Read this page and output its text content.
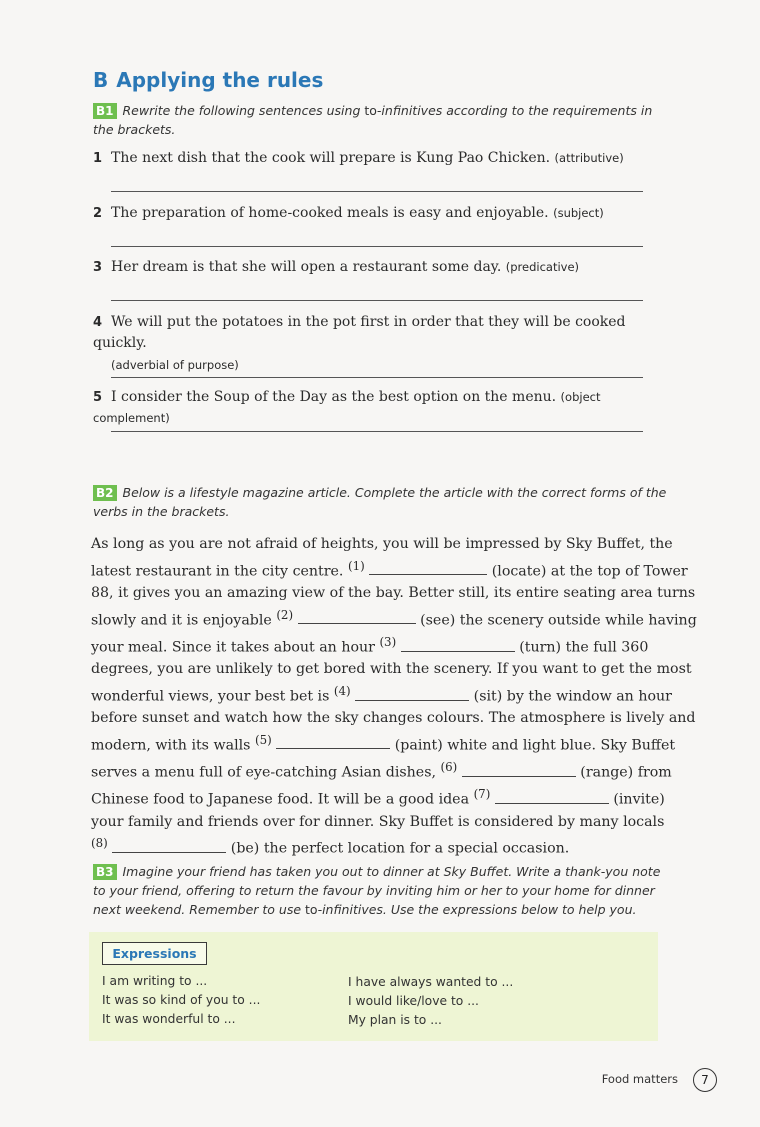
B Applying the rules
B1 Rewrite the following sentences using to-infinitives according to the requirements in the brackets.
1 The next dish that the cook will prepare is Kung Pao Chicken. (attributive)
2 The preparation of home-cooked meals is easy and enjoyable. (subject)
3 Her dream is that she will open a restaurant some day. (predicative)
4 We will put the potatoes in the pot first in order that they will be cooked quickly.
(adverbial of purpose)
5 I consider the Soup of the Day as the best option on the menu. (object complement)
B2 Below is a lifestyle magazine article. Complete the article with the correct forms of the verbs in the brackets.
As long as you are not afraid of heights, you will be impressed by Sky Buffet, the
latest restaurant in the city centre. $^{(1)}$	(locate) at the top of Tower
88, it gives you an amazing view of the bay. Better still, its entire seating area turns
slowly and it is enjoyable $^{(2)}$	(see) the scenery outside while having
your meal. Since it takes about an hour $^{(3)}$	(turn) the full 360
degrees, you are unlikely to get bored with the scenery. If you want to get the most
wonderful views, your best bet is $^{(4)}$	(sit) by the window an hour
before sunset and watch how the sky changes colours. The atmosphere is lively and
modern, with its walls $^{(5)}$	(paint) white and light blue. Sky Buffet
serves a menu full of eye-catching Asian dishes, $^{(6)}$	(range) from
Chinese food to Japanese food. It will be a good idea $^{(7)}$	(invite)
your family and friends over for dinner. Sky Buffet is considered by many locals
$^{(8)}$	(be) the perfect location for a special occasion.
B3 Imagine your friend has taken you out to dinner at Sky Buffet. Write a thank-you note to your friend, offering to return the favour by inviting him or her to your home for dinner next weekend. Remember to use to-infinitives. Use the expressions below to help you.
Expressions
I am writing to ...
It was so kind of you to ...
It was wonderful to ...
I have always wanted to ...
I would like/love to ...
My plan is to ...
Food matters	7
